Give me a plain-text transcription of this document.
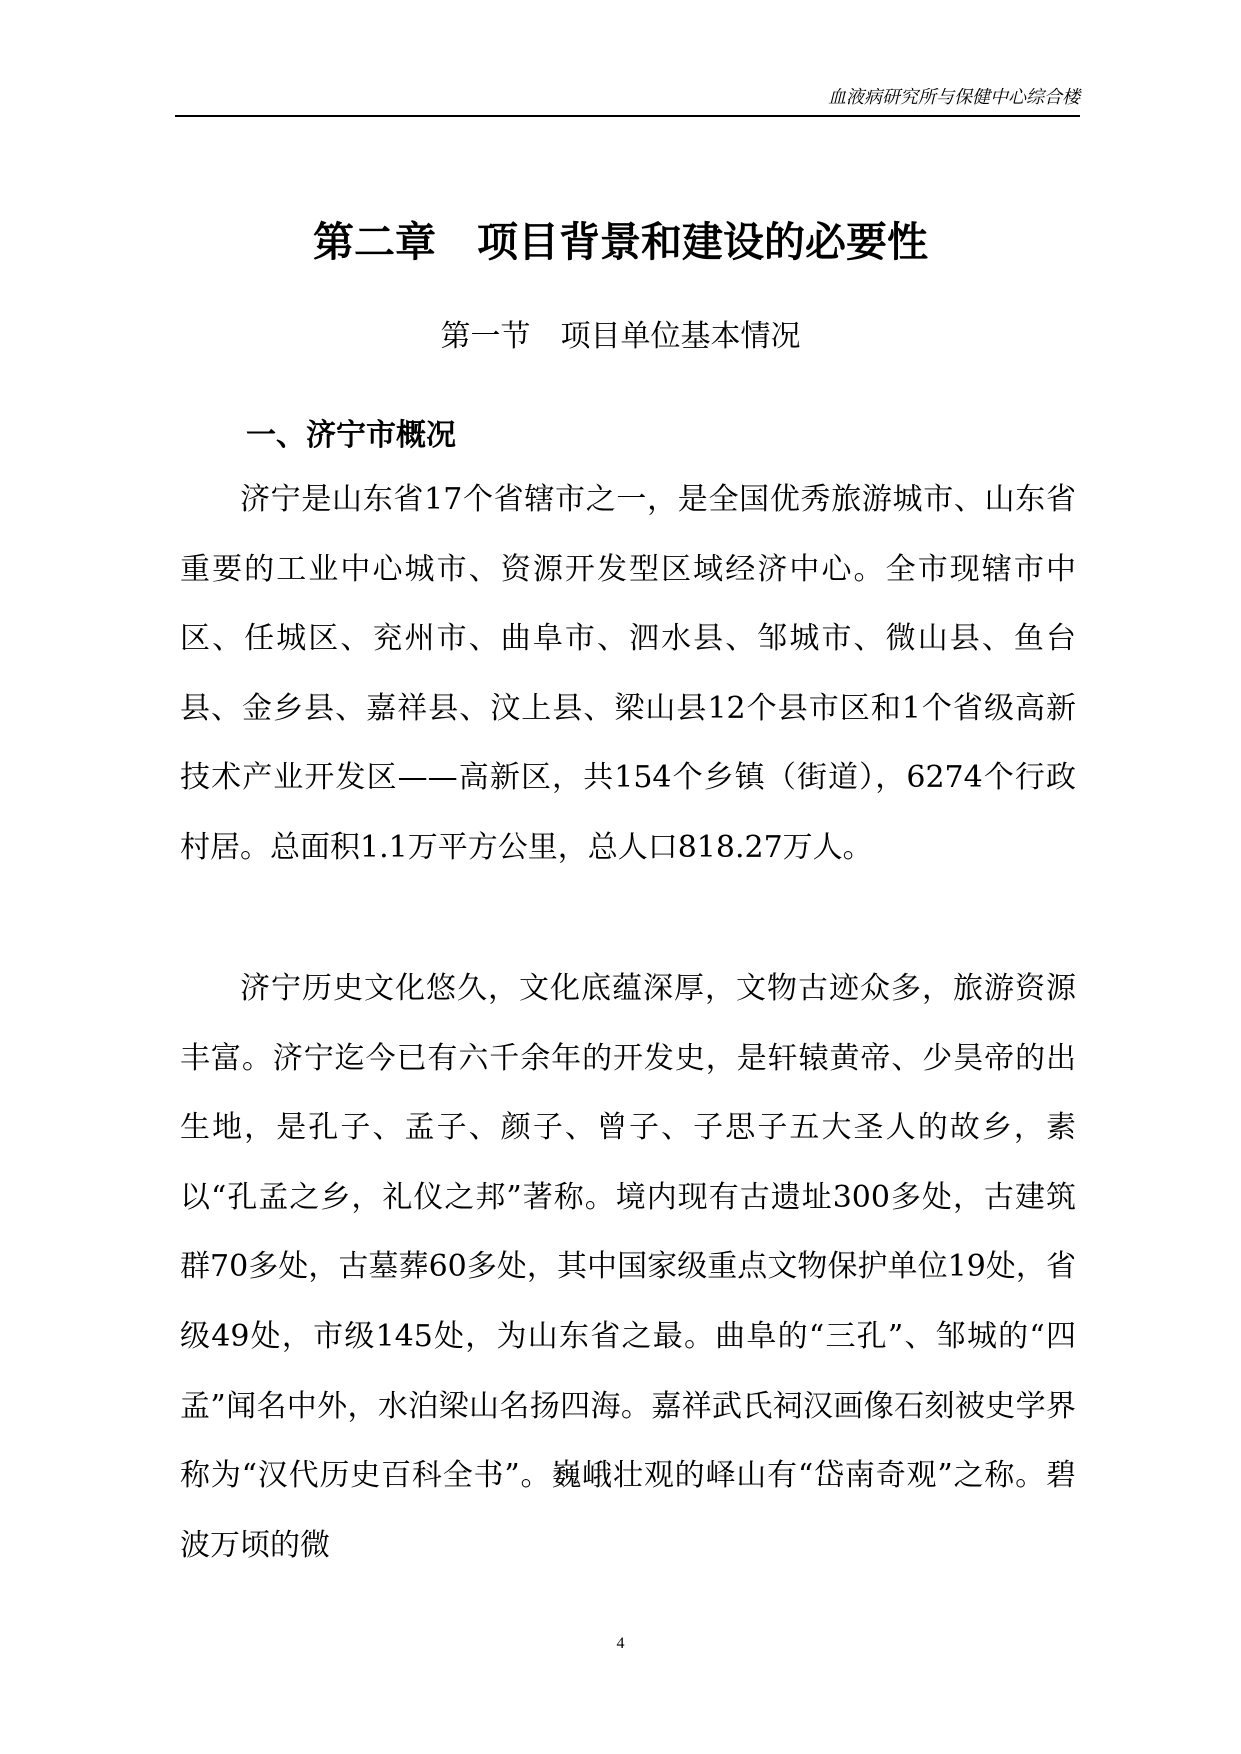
血液病研究所与保健中心综合楼
第二章　项目背景和建设的必要性
第一节　项目单位基本情况
一、济宁市概况

济宁是山东省17个省辖市之一，是全国优秀旅游城市、山东省重要的工业中心城市、资源开发型区域经济中心。全市现辖市中区、任城区、兖州市、曲阜市、泗水县、邹城市、微山县、鱼台县、金乡县、嘉祥县、汶上县、梁山县12个县市区和1个省级高新技术产业开发区——高新区，共154个乡镇（街道），6274个行政村居。总面积1.1万平方公里，总人口818.27万人。

济宁历史文化悠久，文化底蕴深厚，文物古迹众多，旅游资源丰富。济宁迄今已有六千余年的开发史，是轩辕黄帝、少昊帝的出生地，是孔子、孟子、颜子、曾子、子思子五大圣人的故乡，素以“孔孟之乡，礼仪之邦”著称。境内现有古遗址300多处，古建筑群70多处，古墓葬60多处，其中国家级重点文物保护单位19处，省级49处，市级145处，为山东省之最。曲阜的“三孔”、邹城的“四孟”闻名中外，水泊梁山名扬四海。嘉祥武氏祠汉画像石刻被史学界称为“汉代历史百科全书”。巍峨壮观的峄山有“岱南奇观”之称。碧波万顷的微

4
